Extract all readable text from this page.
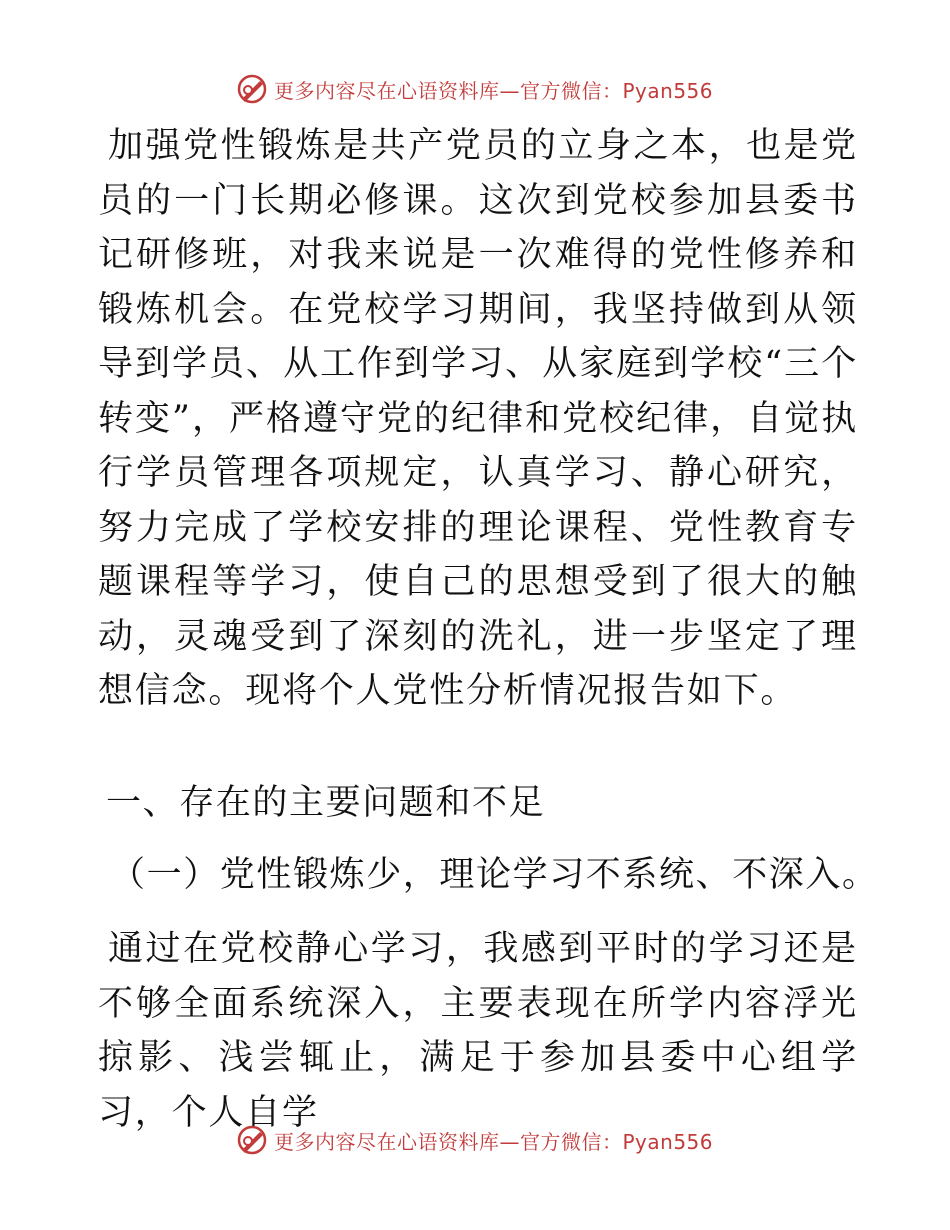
更多内容尽在心语资料库—官方微信：Pyan556

加强党性锻炼是共产党员的立身之本，也是党员的一门长期必修课。这次到党校参加县委书记研修班，对我来说是一次难得的党性修养和锻炼机会。在党校学习期间，我坚持做到从领导到学员、从工作到学习、从家庭到学校“三个转变”，严格遵守党的纪律和党校纪律，自觉执行学员管理各项规定，认真学习、静心研究，努力完成了学校安排的理论课程、党性教育专题课程等学习，使自己的思想受到了很大的触动，灵魂受到了深刻的洗礼，进一步坚定了理想信念。现将个人党性分析情况报告如下。

一、存在的主要问题和不足
（一）党性锻炼少，理论学习不系统、不深入。

通过在党校静心学习，我感到平时的学习还是不够全面系统深入，主要表现在所学内容浮光掠影、浅尝辄止，满足于参加县委中心组学习，个人自学

更多内容尽在心语资料库—官方微信：Pyan556
